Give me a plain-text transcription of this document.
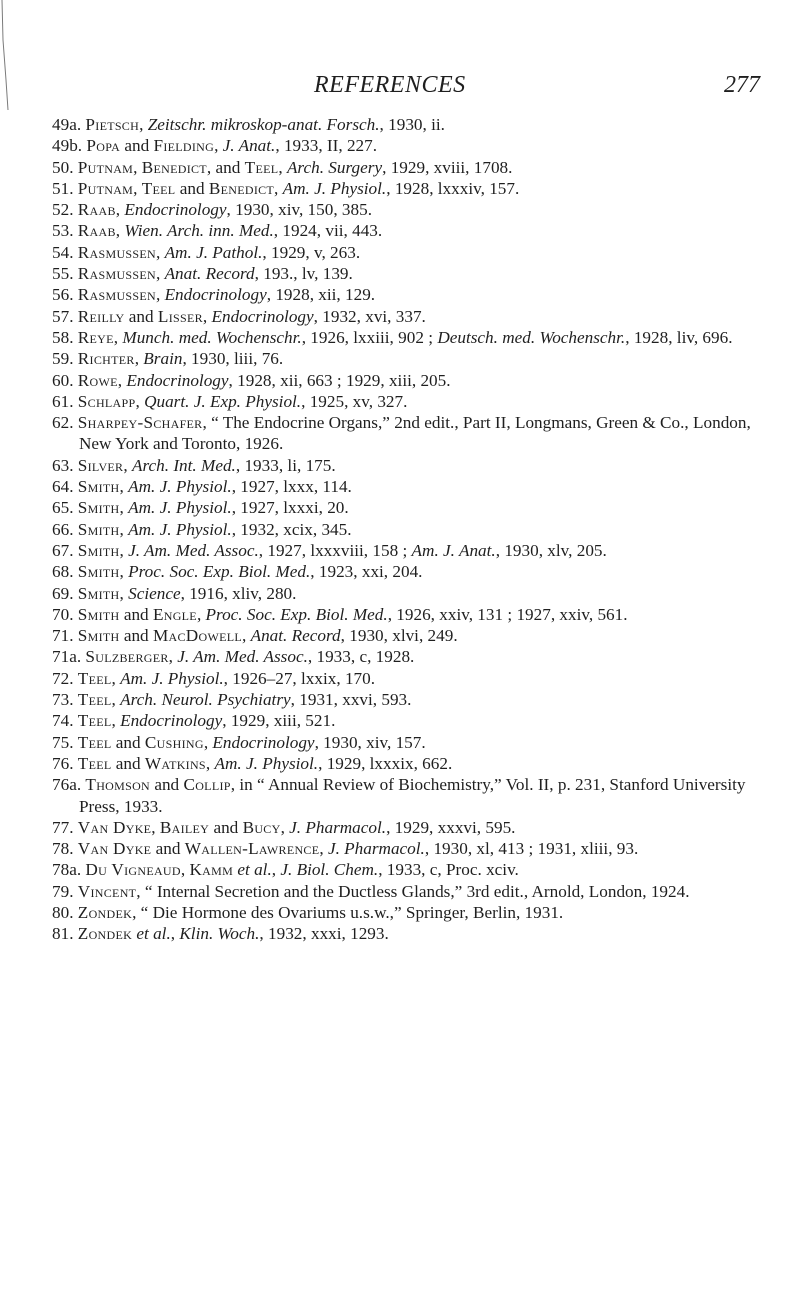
REFERENCES	277
49a. Pietsch, Zeitschr. mikroskop-anat. Forsch., 1930, ii.
49b. Popa and Fielding, J. Anat., 1933, II, 227.
50. Putnam, Benedict, and Teel, Arch. Surgery, 1929, xviii, 1708.
51. Putnam, Teel and Benedict, Am. J. Physiol., 1928, lxxxiv, 157.
52. Raab, Endocrinology, 1930, xiv, 150, 385.
53. Raab, Wien. Arch. inn. Med., 1924, vii, 443.
54. Rasmussen, Am. J. Pathol., 1929, v, 263.
55. Rasmussen, Anat. Record, 193., lv, 139.
56. Rasmussen, Endocrinology, 1928, xii, 129.
57. Reilly and Lisser, Endocrinology, 1932, xvi, 337.
58. Reye, Munch. med. Wochenschr., 1926, lxxiii, 902 ; Deutsch. med. Wochenschr., 1928, liv, 696.
59. Richter, Brain, 1930, liii, 76.
60. Rowe, Endocrinology, 1928, xii, 663 ; 1929, xiii, 205.
61. Schlapp, Quart. J. Exp. Physiol., 1925, xv, 327.
62. Sharpey-Schafer, “ The Endocrine Organs,” 2nd edit., Part II, Longmans, Green & Co., London, New York and Toronto, 1926.
63. Silver, Arch. Int. Med., 1933, li, 175.
64. Smith, Am. J. Physiol., 1927, lxxx, 114.
65. Smith, Am. J. Physiol., 1927, lxxxi, 20.
66. Smith, Am. J. Physiol., 1932, xcix, 345.
67. Smith, J. Am. Med. Assoc., 1927, lxxxviii, 158 ; Am. J. Anat., 1930, xlv, 205.
68. Smith, Proc. Soc. Exp. Biol. Med., 1923, xxi, 204.
69. Smith, Science, 1916, xliv, 280.
70. Smith and Engle, Proc. Soc. Exp. Biol. Med., 1926, xxiv, 131 ; 1927, xxiv, 561.
71. Smith and MacDowell, Anat. Record, 1930, xlvi, 249.
71a. Sulzberger, J. Am. Med. Assoc., 1933, c, 1928.
72. Teel, Am. J. Physiol., 1926–27, lxxix, 170.
73. Teel, Arch. Neurol. Psychiatry, 1931, xxvi, 593.
74. Teel, Endocrinology, 1929, xiii, 521.
75. Teel and Cushing, Endocrinology, 1930, xiv, 157.
76. Teel and Watkins, Am. J. Physiol., 1929, lxxxix, 662.
76a. Thomson and Collip, in “ Annual Review of Biochemistry,” Vol. II, p. 231, Stanford University Press, 1933.
77. Van Dyke, Bailey and Bucy, J. Pharmacol., 1929, xxxvi, 595.
78. Van Dyke and Wallen-Lawrence, J. Pharmacol., 1930, xl, 413 ; 1931, xliii, 93.
78a. Du Vigneaud, Kamm et al., J. Biol. Chem., 1933, c, Proc. xciv.
79. Vincent, “ Internal Secretion and the Ductless Glands,” 3rd edit., Arnold, London, 1924.
80. Zondek, “ Die Hormone des Ovariums u.s.w.,” Springer, Berlin, 1931.
81. Zondek et al., Klin. Woch., 1932, xxxi, 1293.
